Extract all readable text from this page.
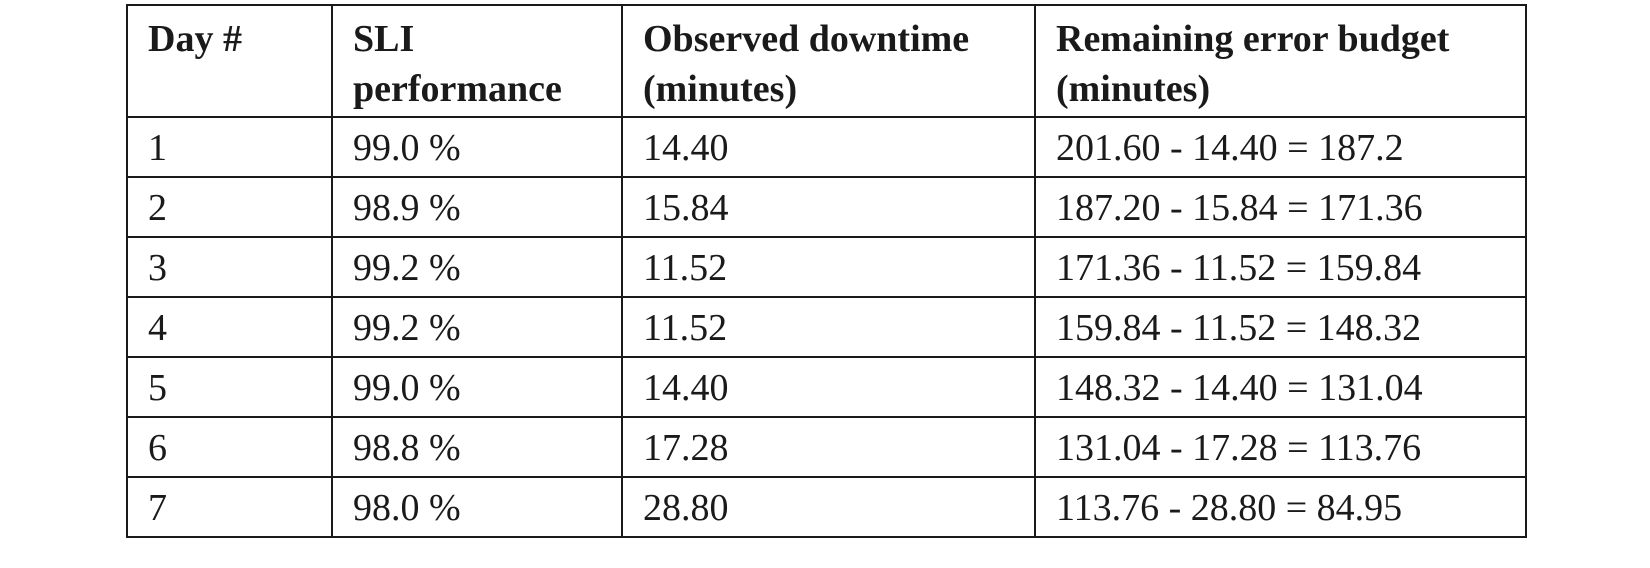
Day #	SLI performance	Observed downtime (minutes)	Remaining error budget (minutes)
1	99.0 %	14.40	201.60 - 14.40 = 187.2
2	98.9 %	15.84	187.20 - 15.84 = 171.36
3	99.2 %	11.52	171.36 - 11.52 = 159.84
4	99.2 %	11.52	159.84 - 11.52 = 148.32
5	99.0 %	14.40	148.32 - 14.40 = 131.04
6	98.8 %	17.28	131.04 - 17.28 = 113.76
7	98.0 %	28.80	113.76 - 28.80 = 84.95
